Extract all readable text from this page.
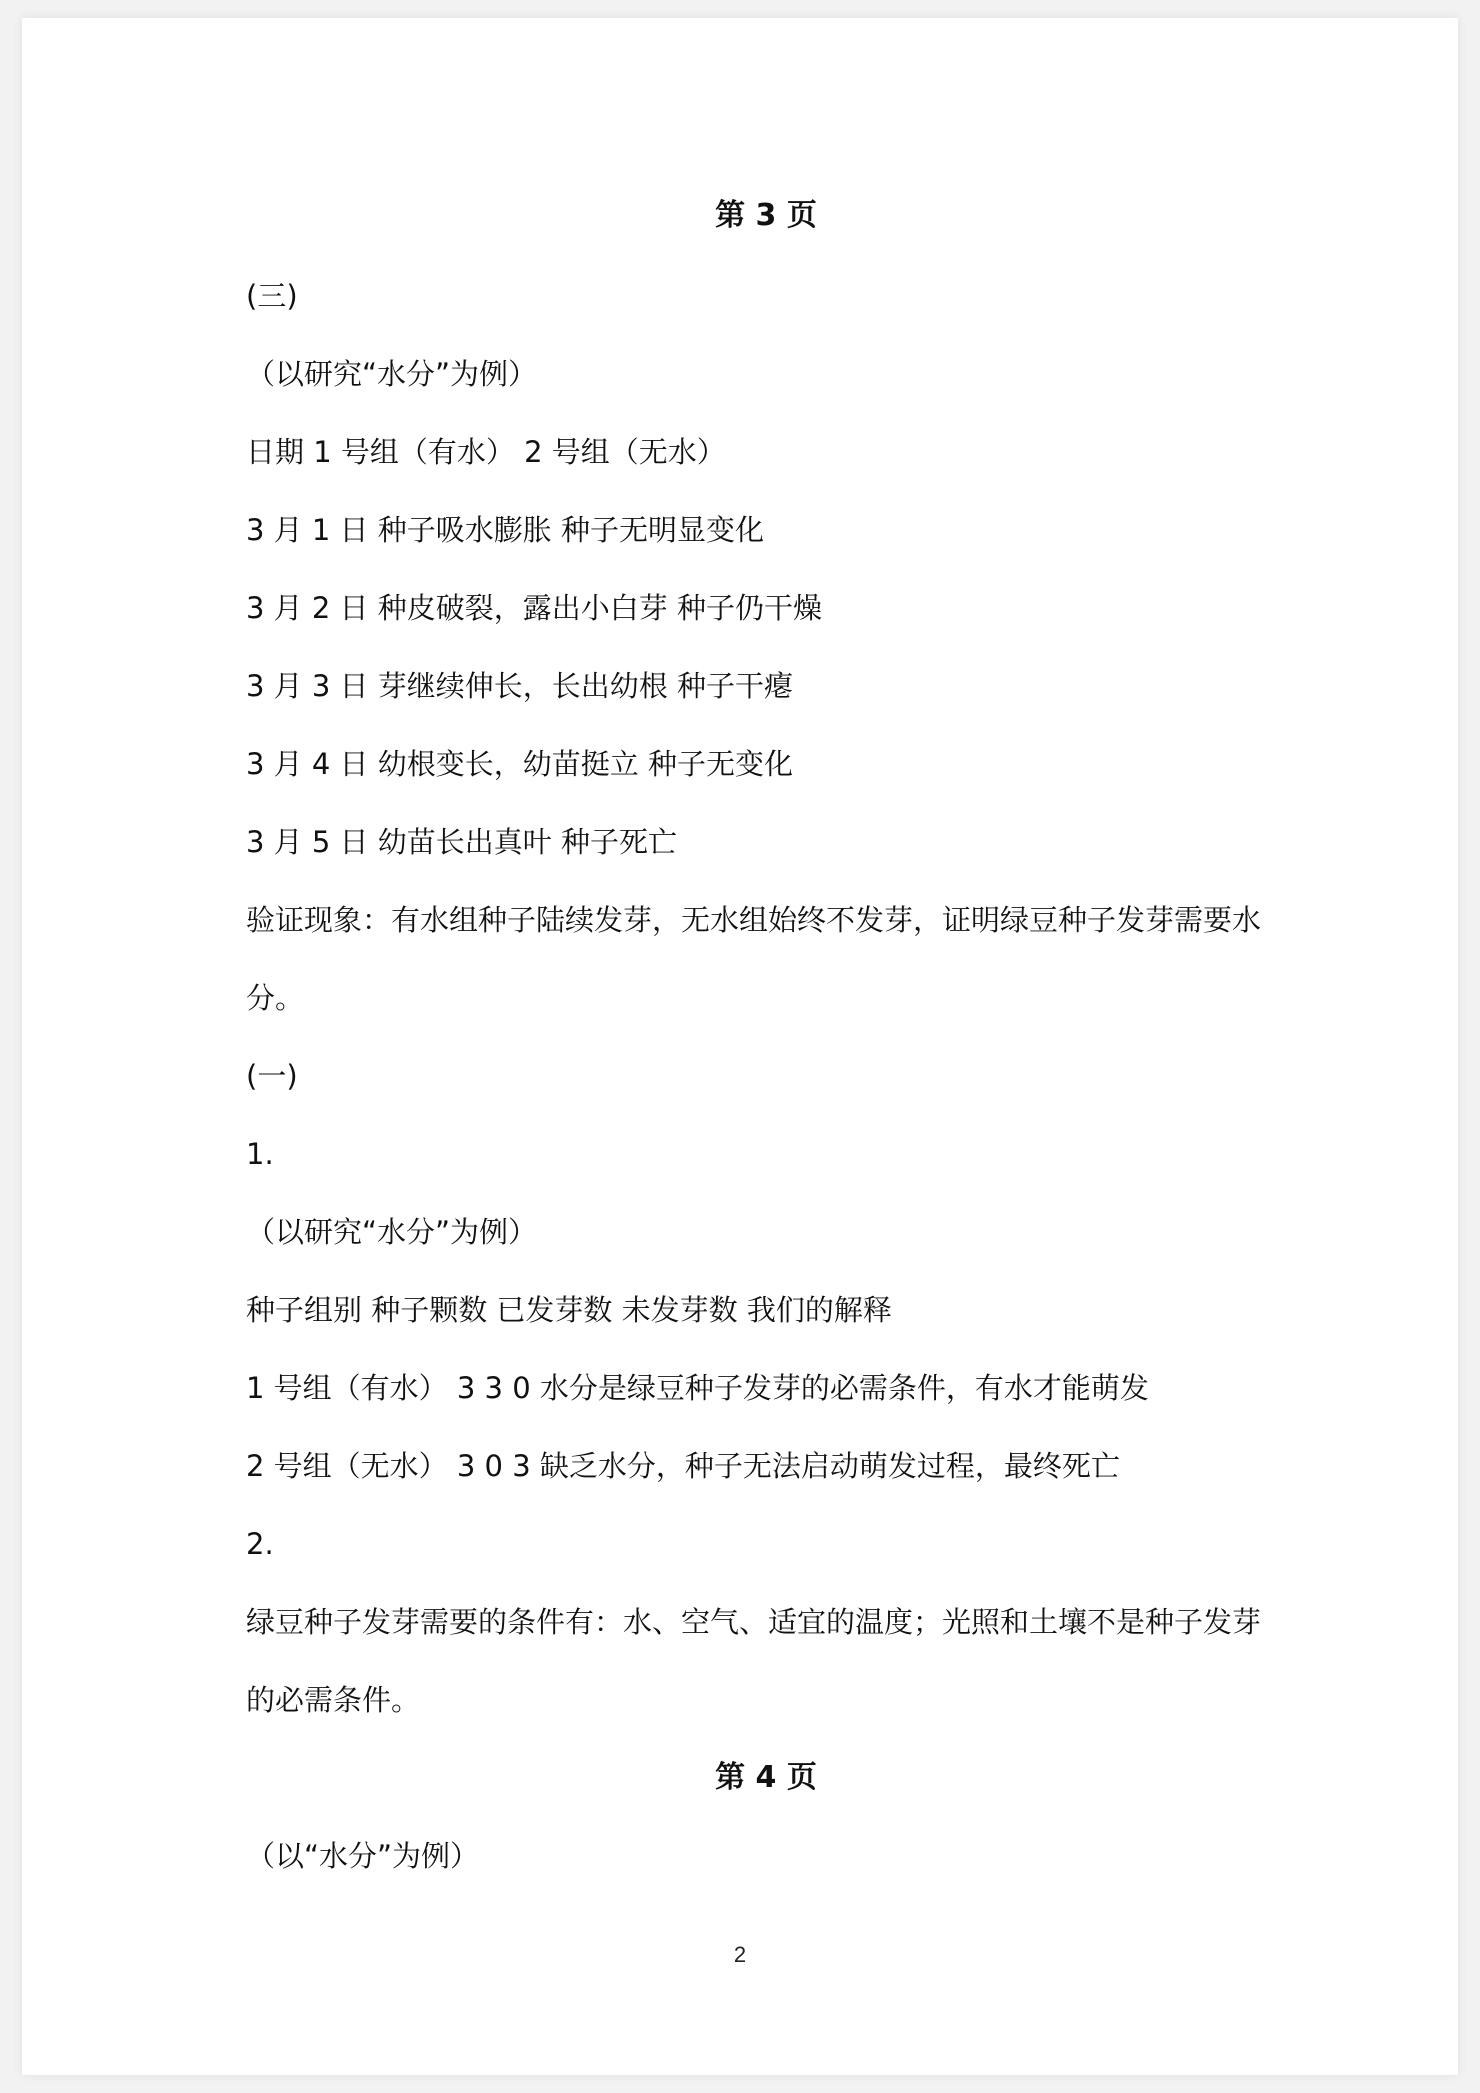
第 3 页
(三)
（以研究“水分”为例）
日期 1 号组（有水） 2 号组（无水）
3 月 1 日 种子吸水膨胀 种子无明显变化
3 月 2 日 种皮破裂，露出小白芽 种子仍干燥
3 月 3 日 芽继续伸长，长出幼根 种子干瘪
3 月 4 日 幼根变长，幼苗挺立 种子无变化
3 月 5 日 幼苗长出真叶 种子死亡
验证现象：有水组种子陆续发芽，无水组始终不发芽，证明绿豆种子发芽需要水
分。
(一)
1.
（以研究“水分”为例）
种子组别 种子颗数 已发芽数 未发芽数 我们的解释
1 号组（有水） 3 3 0 水分是绿豆种子发芽的必需条件，有水才能萌发
2 号组（无水） 3 0 3 缺乏水分，种子无法启动萌发过程，最终死亡
2.
绿豆种子发芽需要的条件有：水、空气、适宜的温度；光照和土壤不是种子发芽
的必需条件。
第 4 页
（以“水分”为例）
2
